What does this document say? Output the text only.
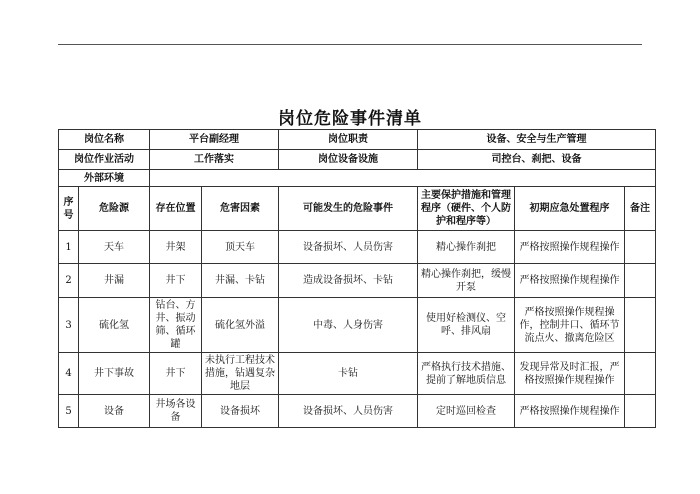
岗位危险事件清单
岗位名称		平台副经理		岗位职责	设备、安全与生产管理		
岗位作业活动		工作落实		岗位设备设施	司控台、刹把、设备		
外部环境							
序号	危险源	存在位置	危害因素	可能发生的危险事件	主要保护措施和管理程序（硬件、个人防护和程序等）	初期应急处置程序	备注
1	天车	井架	顶天车	设备损坏、人员伤害	精心操作刹把	严格按照操作规程操作	
2	井漏	井下	井漏、卡钻	造成设备损坏、卡钻	精心操作刹把，缓慢开泵	严格按照操作规程操作	
3	硫化氢	钻台、方井、振动筛、循环罐	硫化氢外溢	中毒、人身伤害	使用好检测仪、空呼、排风扇	严格按照操作规程操作，控制井口、循环节流点火、撤离危险区	
4	井下事故	井下	未执行工程技术措施，钻遇复杂地层	卡钻	严格执行技术措施、提前了解地质信息	发现异常及时汇报，严格按照操作规程操作	
5	设备	井场各设备	设备损坏	设备损坏、人员伤害	定时巡回检查	严格按照操作规程操作	
